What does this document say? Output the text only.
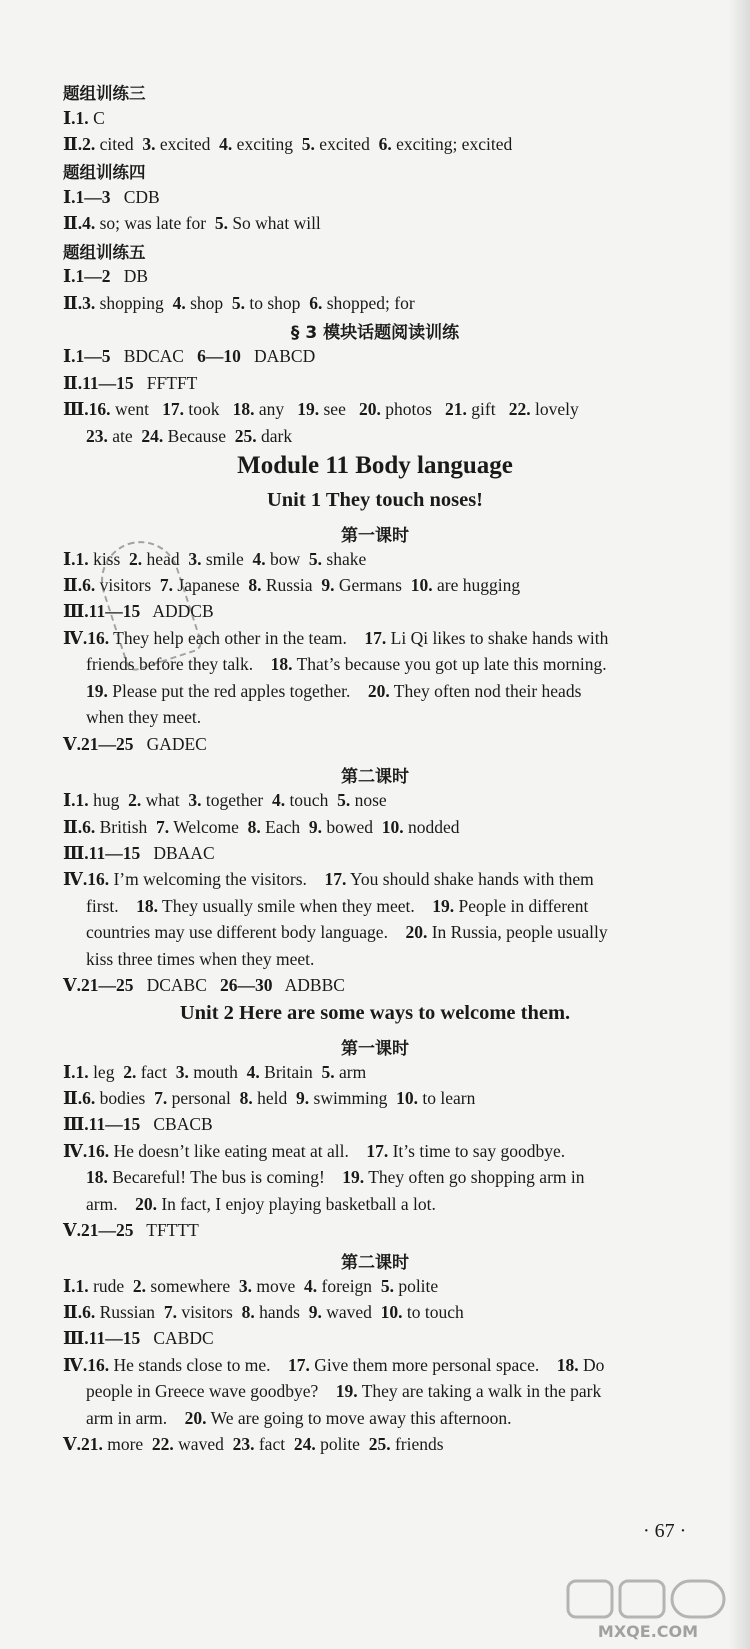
题组训练三
Ⅰ.1. C
Ⅱ.2. cited  3. excited  4. exciting  5. excited  6. exciting; excited
题组训练四
Ⅰ.1—3   CDB
Ⅱ.4. so; was late for  5. So what will
题组训练五
Ⅰ.1—2   DB
Ⅱ.3. shopping  4. shop  5. to shop  6. shopped; for
§ 3 模块话题阅读训练
Ⅰ.1—5   BDCAC   6—10   DABCD
Ⅱ.11—15   FFTFT
Ⅲ.16. went   17. took   18. any   19. see   20. photos   21. gift   22. lovely
23. ate  24. Because  25. dark
Module 11 Body language
Unit 1 They touch noses!
第一课时
Ⅰ.1. kiss  2. head  3. smile  4. bow  5. shake
Ⅱ.6. visitors  7. Japanese  8. Russia  9. Germans  10. are hugging
Ⅲ.11—15   ADDCB
Ⅳ.16. They help each other in the team.    17. Li Qi likes to shake hands with
friends before they talk.    18. That’s because you got up late this morning.
19. Please put the red apples together.    20. They often nod their heads
when they meet.
Ⅴ.21—25   GADEC
第二课时
Ⅰ.1. hug  2. what  3. together  4. touch  5. nose
Ⅱ.6. British  7. Welcome  8. Each  9. bowed  10. nodded
Ⅲ.11—15   DBAAC
Ⅳ.16. I’m welcoming the visitors.    17. You should shake hands with them
first.    18. They usually smile when they meet.    19. People in different
countries may use different body language.    20. In Russia, people usually
kiss three times when they meet.
Ⅴ.21—25   DCABC   26—30   ADBBC
Unit 2 Here are some ways to welcome them.
第一课时
Ⅰ.1. leg  2. fact  3. mouth  4. Britain  5. arm
Ⅱ.6. bodies  7. personal  8. held  9. swimming  10. to learn
Ⅲ.11—15   CBACB
Ⅳ.16. He doesn’t like eating meat at all.    17. It’s time to say goodbye.
18. Becareful! The bus is coming!    19. They often go shopping arm in
arm.    20. In fact, I enjoy playing basketball a lot.
Ⅴ.21—25   TFTTT
第二课时
Ⅰ.1. rude  2. somewhere  3. move  4. foreign  5. polite
Ⅱ.6. Russian  7. visitors  8. hands  9. waved  10. to touch
Ⅲ.11—15   CABDC
Ⅳ.16. He stands close to me.    17. Give them more personal space.    18. Do
people in Greece wave goodbye?    19. They are taking a walk in the park
arm in arm.    20. We are going to move away this afternoon.
Ⅴ.21. more  22. waved  23. fact  24. polite  25. friends
· 67 ·
MXQE.COM
